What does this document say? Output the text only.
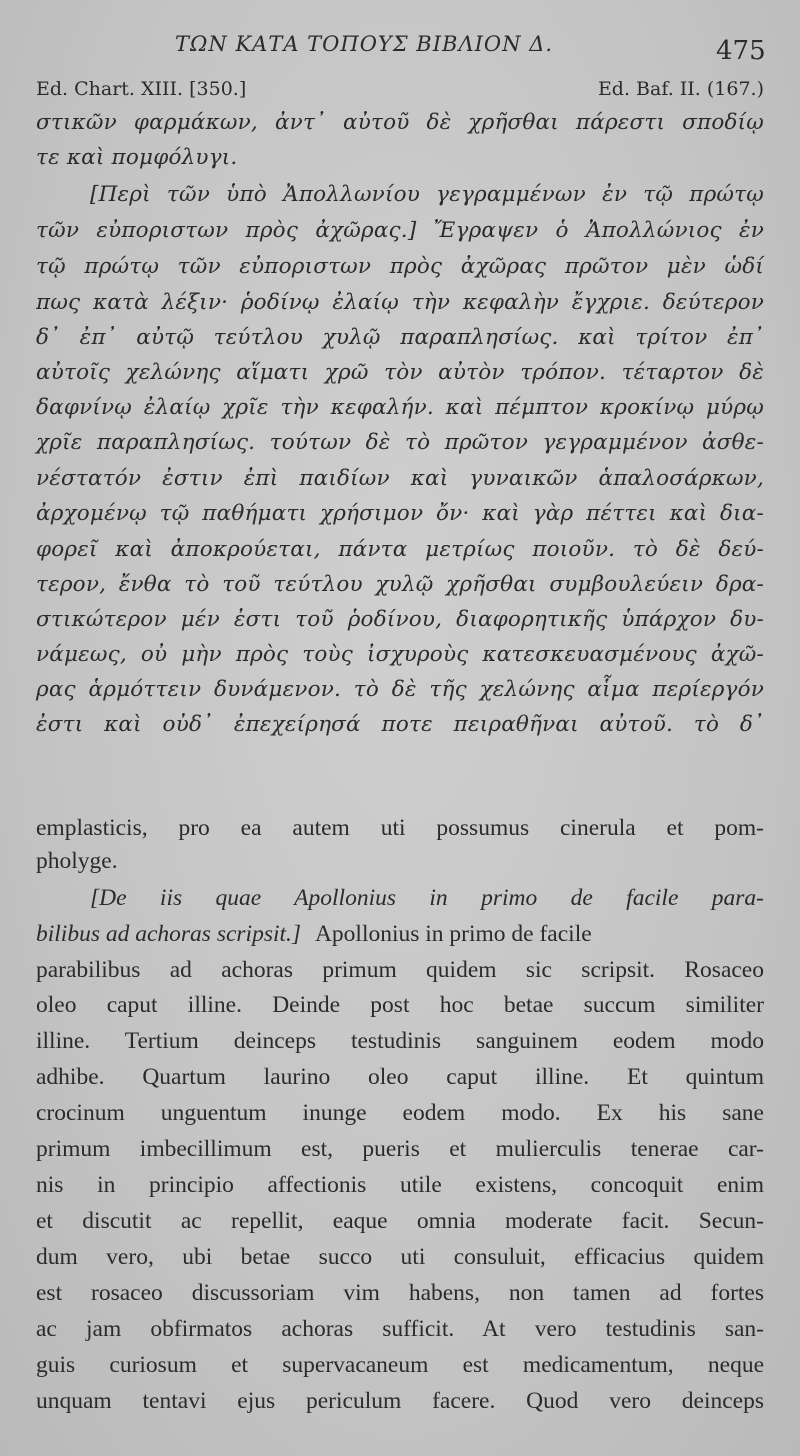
ΤΩΝ ΚΑΤΑ ΤΟΠΟΥΣ ΒΙΒΛΙΟΝ Δ.	475
Ed. Chart. XIII. [350.]	Ed. Baf. II. (167.)
στικῶν φαρμάκων, ἀντ᾽ αὐτοῦ δὲ χρῆσθαι πάρεστι σποδίῳ
τε καὶ πομφόλυγι.
[Περὶ τῶν ὑπὸ Ἀπολλωνίου γεγραμμένων ἐν τῷ πρώτῳ
τῶν εὐποριστων πρὸς ἀχῶρας.] Ἔγραψεν ὁ Ἀπολλώνιος ἐν
τῷ πρώτῳ τῶν εὐποριστων πρὸς ἀχῶρας πρῶτον μὲν ὡδί
πως κατὰ λέξιν· ῥοδίνῳ ἐλαίῳ τὴν κεφαλὴν ἔγχριε. δεύτερον
δ᾽ ἐπ᾽ αὐτῷ τεύτλου χυλῷ παραπλησίως. καὶ τρίτον ἐπ᾽
αὐτοῖς χελώνης αἵματι χρῶ τὸν αὐτὸν τρόπον. τέταρτον δὲ
δαφνίνῳ ἐλαίῳ χρῖε τὴν κεφαλήν. καὶ πέμπτον κροκίνῳ μύρῳ
χρῖε παραπλησίως. τούτων δὲ τὸ πρῶτον γεγραμμένον ἀσθε-
νέστατόν ἐστιν ἐπὶ παιδίων καὶ γυναικῶν ἁπαλοσάρκων,
ἀρχομένῳ τῷ παθήματι χρήσιμον ὄν· καὶ γὰρ πέττει καὶ δια-
φορεῖ καὶ ἀποκρούεται, πάντα μετρίως ποιοῦν. τὸ δὲ δεύ-
τερον, ἔνθα τὸ τοῦ τεύτλου χυλῷ χρῆσθαι συμβουλεύειν δρα-
στικώτερον μέν ἐστι τοῦ ῥοδίνου, διαφορητικῆς ὑπάρχον δυ-
νάμεως, οὐ μὴν πρὸς τοὺς ἰσχυροὺς κατεσκευασμένους ἀχῶ-
ρας ἁρμόττειν δυνάμενον. τὸ δὲ τῆς χελώνης αἷμα περίεργόν
ἐστι καὶ οὐδ᾽ ἐπεχείρησά ποτε πειραθῆναι αὐτοῦ. τὸ δ᾽
emplasticis, pro ea autem uti possumus cinerula et pom-
pholyge.
[De iis quae Apollonius in primo de facile para-
bilibus ad achoras scripsit.] Apollonius in primo de facile
parabilibus ad achoras primum quidem sic scripsit. Rosaceo
oleo caput illine. Deinde post hoc betae succum similiter
illine. Tertium deinceps testudinis sanguinem eodem modo
adhibe. Quartum laurino oleo caput illine. Et quintum
crocinum unguentum inunge eodem modo. Ex his sane
primum imbecillimum est, pueris et mulierculis tenerae car-
nis in principio affectionis utile existens, concoquit enim
et discutit ac repellit, eaque omnia moderate facit. Secun-
dum vero, ubi betae succo uti consuluit, efficacius quidem
est rosaceo discussoriam vim habens, non tamen ad fortes
ac jam obfirmatos achoras sufficit. At vero testudinis san-
guis curiosum et supervacaneum est medicamentum, neque
unquam tentavi ejus periculum facere. Quod vero deinceps
